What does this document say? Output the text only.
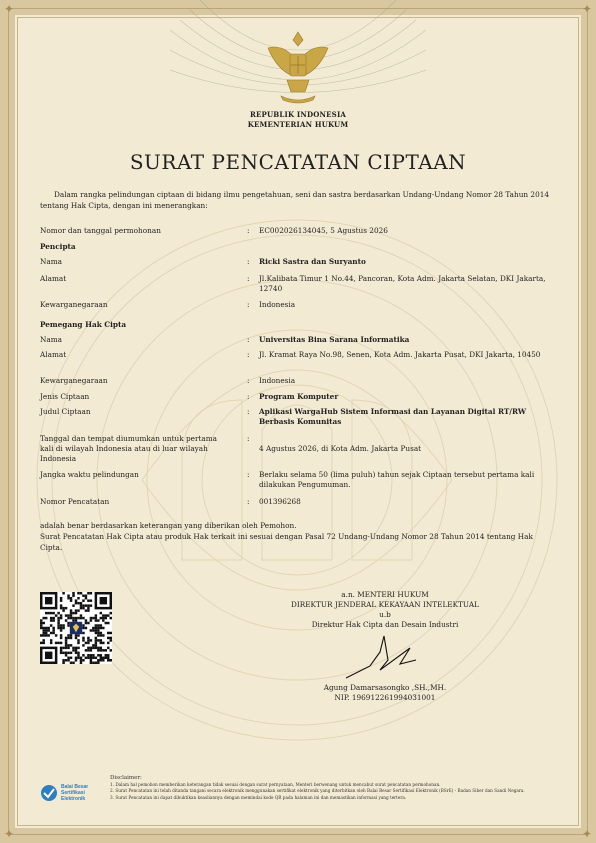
✦	✦
✦	✦
REPUBLIK INDONESIA
KEMENTERIAN HUKUM
SURAT PENCATATAN CIPTAAN
Dalam rangka pelindungan ciptaan di bidang ilmu pengetahuan, seni dan sastra berdasarkan Undang-Undang Nomor 28 Tahun 2014 tentang Hak Cipta, dengan ini menerangkan:
Nomor dan tanggal permohonan	: EC002026134045, 5 Agustus 2026
Pencipta
Nama	: Ricki Sastra dan Suryanto
Alamat	: Jl.Kalibata Timur 1 No.44, Pancoran, Kota Adm. Jakarta Selatan, DKI Jakarta, 12740
Kewarganegaraan	: Indonesia
Pemegang Hak Cipta
Nama	: Universitas Bina Sarana Informatika
Alamat	: Jl. Kramat Raya No.98, Senen, Kota Adm. Jakarta Pusat, DKI Jakarta, 10450
Kewarganegaraan	: Indonesia
Jenis Ciptaan	: Program Komputer
Judul Ciptaan	: Aplikasi WargaHub Sistem Informasi dan Layanan Digital RT/RW Berbasis Komunitas
Tanggal dan tempat diumumkan untuk pertama kali di wilayah Indonesia atau di luar wilayah Indonesia
:
4 Agustus 2026, di Kota Adm. Jakarta Pusat
Jangka waktu pelindungan	: Berlaku selama 50 (lima puluh) tahun sejak Ciptaan tersebut pertama kali dilakukan Pengumuman.
Nomor Pencatatan	: 001396268
adalah benar berdasarkan keterangan yang diberikan oleh Pemohon.
Surat Pencatatan Hak Cipta atau produk Hak terkait ini sesuai dengan Pasal 72 Undang-Undang Nomor 28 Tahun 2014 tentang Hak Cipta.
a.n. MENTERI HUKUM
DIREKTUR JENDERAL KEKAYAAN INTELEKTUAL
u.b
Direktur Hak Cipta dan Desain Industri
Agung Damarsasongko ,SH.,MH.
NIP. 196912261994031001
Balai Besar
Sertifikasi
Elektronik
Disclaimer:
1. Dalam hal pemohon memberikan keterangan tidak sesuai dengan surat pernyataan, Menteri berwenang untuk mencabut surat pencatatan permohonan.
2. Surat Pencatatan ini telah ditanda tangani secara elektronik menggunakan sertifikat elektronik yang diterbitkan oleh Balai Besar Sertifikasi Elektronik (BSrE) - Badan Siber dan Sandi Negara.
3. Surat Pencatatan ini dapat dibuktikan keasliannya dengan memindai kode QR pada halaman ini dan memastikan informasi yang tertera.
